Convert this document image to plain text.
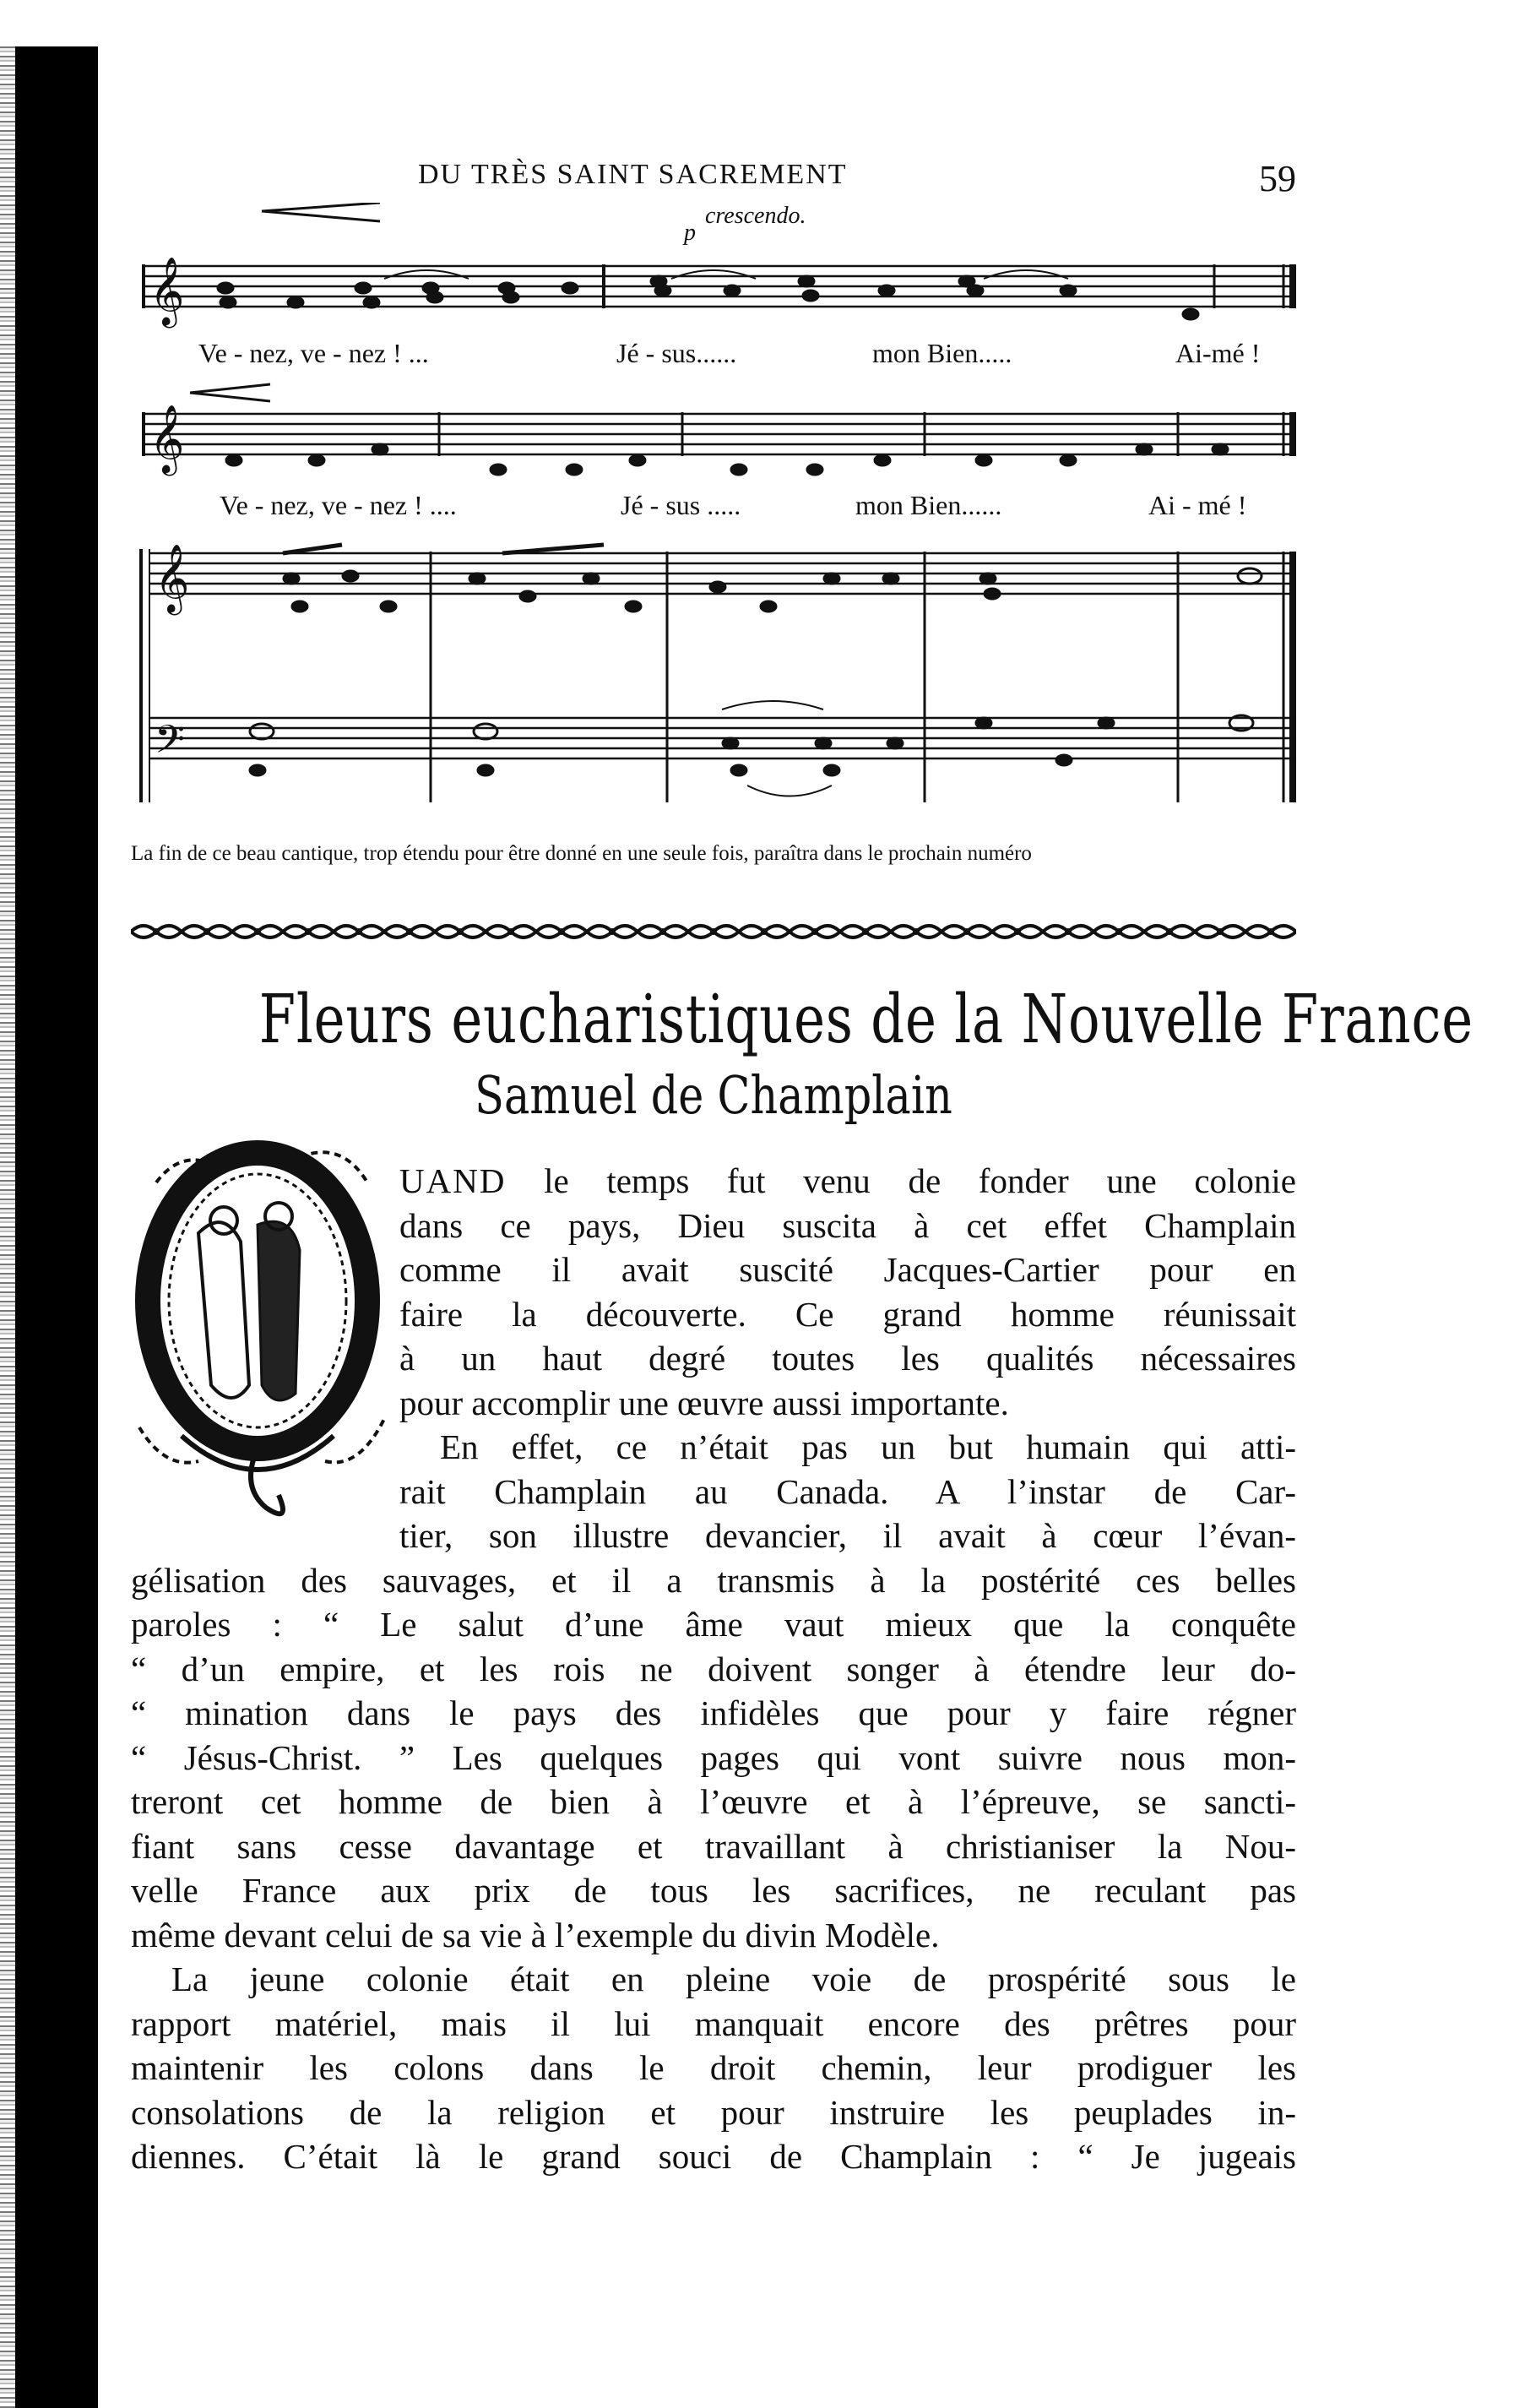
DU TRÈS SAINT SACREMENT	59
𝄞
𝄞
𝄞
𝄢
p
crescendo.
Ve - nez, ve - nez ! ...	Jé - sus......	mon Bien.....	Ai-mé !
Ve - nez, ve - nez ! ....	Jé - sus .....	mon Bien......	Ai - mé !
La fin de ce beau cantique, trop étendu pour être donné en une seule fois, paraîtra dans le prochain numéro
Fleurs eucharistiques de la Nouvelle France
Samuel de Champlain

UAND le temps fut venu de fonder une colonie

dans ce pays, Dieu suscita à cet effet Champlain

comme il avait suscité Jacques-Cartier pour en

faire la découverte. Ce grand homme réunissait

à un haut degré toutes les qualités nécessaires

pour accomplir une œuvre aussi importante.

En effet, ce n’était pas un but humain qui atti-

rait Champlain au Canada. A l’instar de Car-

tier, son illustre devancier, il avait à cœur l’évan-

gélisation des sauvages, et il a transmis à la postérité ces belles

paroles : “ Le salut d’une âme vaut mieux que la conquête

“ d’un empire, et les rois ne doivent songer à étendre leur do-

“ mination dans le pays des infidèles que pour y faire régner

“ Jésus-Christ. ” Les quelques pages qui vont suivre nous mon-

treront cet homme de bien à l’œuvre et à l’épreuve, se sancti-

fiant sans cesse davantage et travaillant à christianiser la Nou-

velle France aux prix de tous les sacrifices, ne reculant pas

même devant celui de sa vie à l’exemple du divin Modèle.

La jeune colonie était en pleine voie de prospérité sous le

rapport matériel, mais il lui manquait encore des prêtres pour

maintenir les colons dans le droit chemin, leur prodiguer les

consolations de la religion et pour instruire les peuplades in-

diennes. C’était là le grand souci de Champlain : “ Je jugeais
